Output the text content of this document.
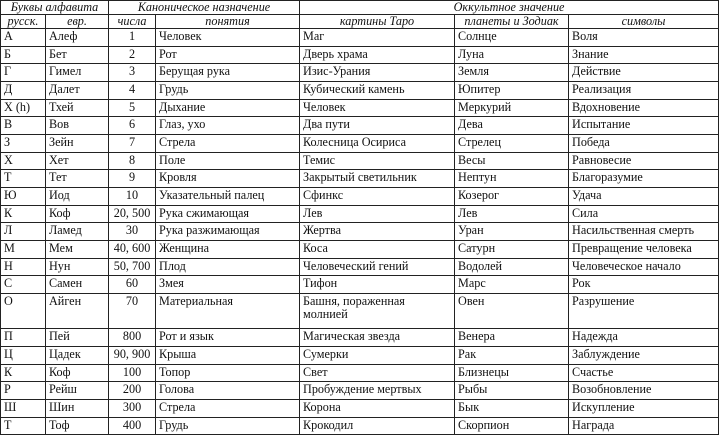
Буквы алфавита		Каноническое назначение		Оккультное значение		
русск.	евр.	числа	понятия	картины Таро	планеты и Зодиак	символы
А	Алеф	1	Человек	Маг	Солнце	Воля
Б	Бет	2	Рот	Дверь храма	Луна	Знание
Г	Гимел	3	Берущая рука	Изис-Урания	Земля	Действие
Д	Далет	4	Грудь	Кубический камень	Юпитер	Реализация
Х (h)	Тхей	5	Дыхание	Человек	Меркурий	Вдохновение
В	Вов	6	Глаз, ухо	Два пути	Дева	Испытание
З	Зейн	7	Стрела	Колесница Осириса	Стрелец	Победа
Х	Хет	8	Поле	Темис	Весы	Равновесие
Т	Тет	9	Кровля	Закрытый светильник	Нептун	Благоразумие
Ю	Иод	10	Указательный палец	Сфинкс	Козерог	Удача
К	Коф	20, 500	Рука сжимающая	Лев	Лев	Сила
Л	Ламед	30	Рука разжимающая	Жертва	Уран	Насильственная смерть
М	Мем	40, 600	Женщина	Коса	Сатурн	Превращение человека
Н	Нун	50, 700	Плод	Человеческий гений	Водолей	Человеческое начало
С	Самен	60	Змея	Тифон	Марс	Рок
О	Айген	70	Материальная	Башня, пораженная молнией	Овен	Разрушение
П	Пей	800	Рот и язык	Магическая звезда	Венера	Надежда
Ц	Цадек	90, 900	Крыша	Сумерки	Рак	Заблуждение
К	Коф	100	Топор	Свет	Близнецы	Счастье
Р	Рейш	200	Голова	Пробуждение мертвых	Рыбы	Возобновление
Ш	Шин	300	Стрела	Корона	Бык	Искупление
Т	Тоф	400	Грудь	Крокодил	Скорпион	Награда
